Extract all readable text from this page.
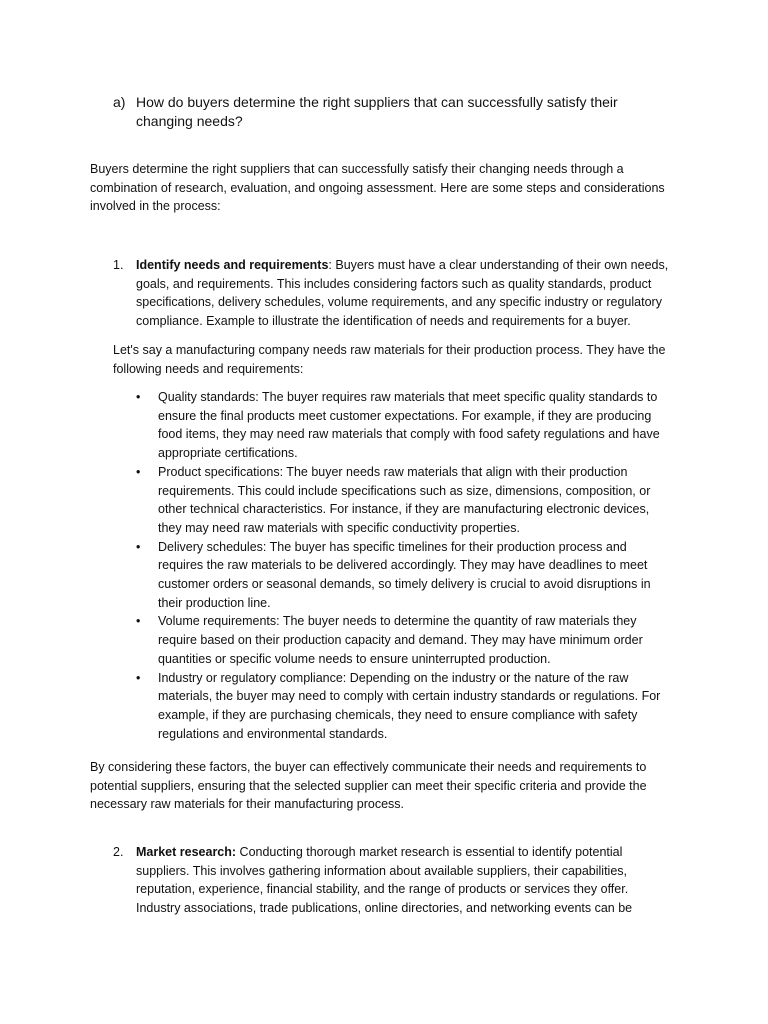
a) How do buyers determine the right suppliers that can successfully satisfy their changing needs?
Buyers determine the right suppliers that can successfully satisfy their changing needs through a combination of research, evaluation, and ongoing assessment. Here are some steps and considerations involved in the process:
1. Identify needs and requirements: Buyers must have a clear understanding of their own needs, goals, and requirements. This includes considering factors such as quality standards, product specifications, delivery schedules, volume requirements, and any specific industry or regulatory compliance. Example to illustrate the identification of needs and requirements for a buyer.
Let's say a manufacturing company needs raw materials for their production process. They have the following needs and requirements:
• Quality standards: The buyer requires raw materials that meet specific quality standards to ensure the final products meet customer expectations. For example, if they are producing food items, they may need raw materials that comply with food safety regulations and have appropriate certifications.
• Product specifications: The buyer needs raw materials that align with their production requirements. This could include specifications such as size, dimensions, composition, or other technical characteristics. For instance, if they are manufacturing electronic devices, they may need raw materials with specific conductivity properties.
• Delivery schedules: The buyer has specific timelines for their production process and requires the raw materials to be delivered accordingly. They may have deadlines to meet customer orders or seasonal demands, so timely delivery is crucial to avoid disruptions in their production line.
• Volume requirements: The buyer needs to determine the quantity of raw materials they require based on their production capacity and demand. They may have minimum order quantities or specific volume needs to ensure uninterrupted production.
• Industry or regulatory compliance: Depending on the industry or the nature of the raw materials, the buyer may need to comply with certain industry standards or regulations. For example, if they are purchasing chemicals, they need to ensure compliance with safety regulations and environmental standards.
By considering these factors, the buyer can effectively communicate their needs and requirements to potential suppliers, ensuring that the selected supplier can meet their specific criteria and provide the necessary raw materials for their manufacturing process.
2. Market research: Conducting thorough market research is essential to identify potential suppliers. This involves gathering information about available suppliers, their capabilities, reputation, experience, financial stability, and the range of products or services they offer. Industry associations, trade publications, online directories, and networking events can be
